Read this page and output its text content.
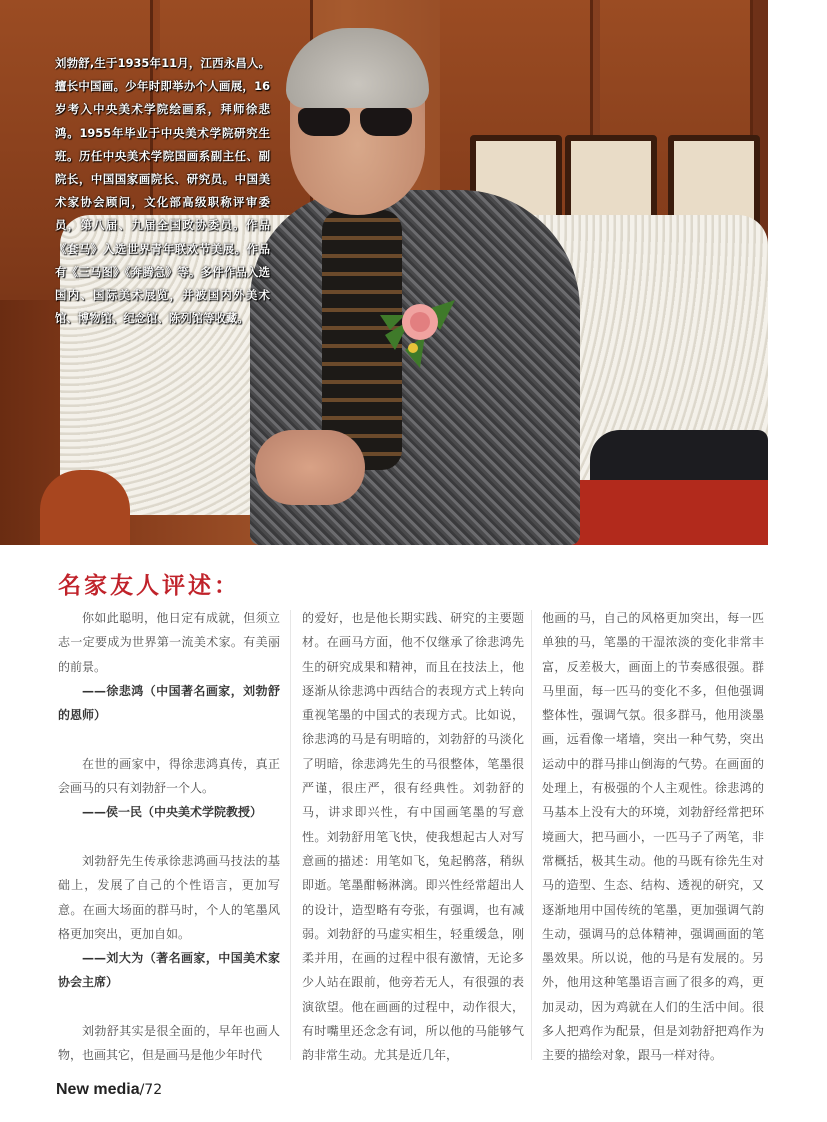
刘勃舒,生于1935年11月，江西永昌人。擅长中国画。少年时即举办个人画展，16岁考入中央美术学院绘画系，拜师徐悲鸿。1955年毕业于中央美术学院研究生班。历任中央美术学院国画系副主任、副院长，中国国家画院长、研究员。中国美术家协会顾问，文化部高级职称评审委员，第八届、九届全国政协委员。作品《套马》入选世界青年联欢节美展。作品有《三马图》《奔腾急》等。多件作品入选国内、国际美术展览，并被国内外美术馆、博物馆、纪念馆、陈列馆等收藏。

名家友人评述：

你如此聪明，他日定有成就，但须立志一定要成为世界第一流美术家。有美丽的前景。

——徐悲鸿（中国著名画家，刘勃舒的恩师）

在世的画家中，得徐悲鸿真传，真正会画马的只有刘勃舒一个人。

——侯一民（中央美术学院教授）

刘勃舒先生传承徐悲鸿画马技法的基础上，发展了自己的个性语言，更加写意。在画大场面的群马时，个人的笔墨风格更加突出，更加自如。

——刘大为（著名画家，中国美术家协会主席）

刘勃舒其实是很全面的，早年也画人物，也画其它，但是画马是他少年时代

的爱好，也是他长期实践、研究的主要题材。在画马方面，他不仅继承了徐悲鸿先生的研究成果和精神，而且在技法上，他逐渐从徐悲鸿中西结合的表现方式上转向重视笔墨的中国式的表现方式。比如说，徐悲鸿的马是有明暗的，刘勃舒的马淡化了明暗，徐悲鸿先生的马很整体，笔墨很严谨，很庄严，很有经典性。刘勃舒的马，讲求即兴性，有中国画笔墨的写意性。刘勃舒用笔飞快，使我想起古人对写意画的描述：用笔如飞，兔起鹘落，稍纵即逝。笔墨酣畅淋漓。即兴性经常超出人的设计，造型略有夸张，有强调，也有减弱。刘勃舒的马虚实相生，轻重缓急，刚柔并用，在画的过程中很有激情，无论多少人站在跟前，他旁若无人，有很强的表演欲望。他在画画的过程中，动作很大，有时嘴里还念念有词，所以他的马能够气韵非常生动。尤其是近几年，

他画的马，自己的风格更加突出，每一匹单独的马，笔墨的干湿浓淡的变化非常丰富，反差极大，画面上的节奏感很强。群马里面，每一匹马的变化不多，但他强调整体性，强调气氛。很多群马，他用淡墨画，远看像一堵墙，突出一种气势，突出运动中的群马排山倒海的气势。在画面的处理上，有极强的个人主观性。徐悲鸿的马基本上没有大的环境，刘勃舒经常把环境画大，把马画小，一匹马子了两笔，非常概括，极其生动。他的马既有徐先生对马的造型、生态、结构、透视的研究，又逐渐地用中国传统的笔墨，更加强调气韵生动，强调马的总体精神，强调画面的笔墨效果。所以说，他的马是有发展的。另外，他用这种笔墨语言画了很多的鸡，更加灵动，因为鸡就在人们的生活中间。很多人把鸡作为配景，但是刘勃舒把鸡作为主要的描绘对象，跟马一样对待。

New media/72
